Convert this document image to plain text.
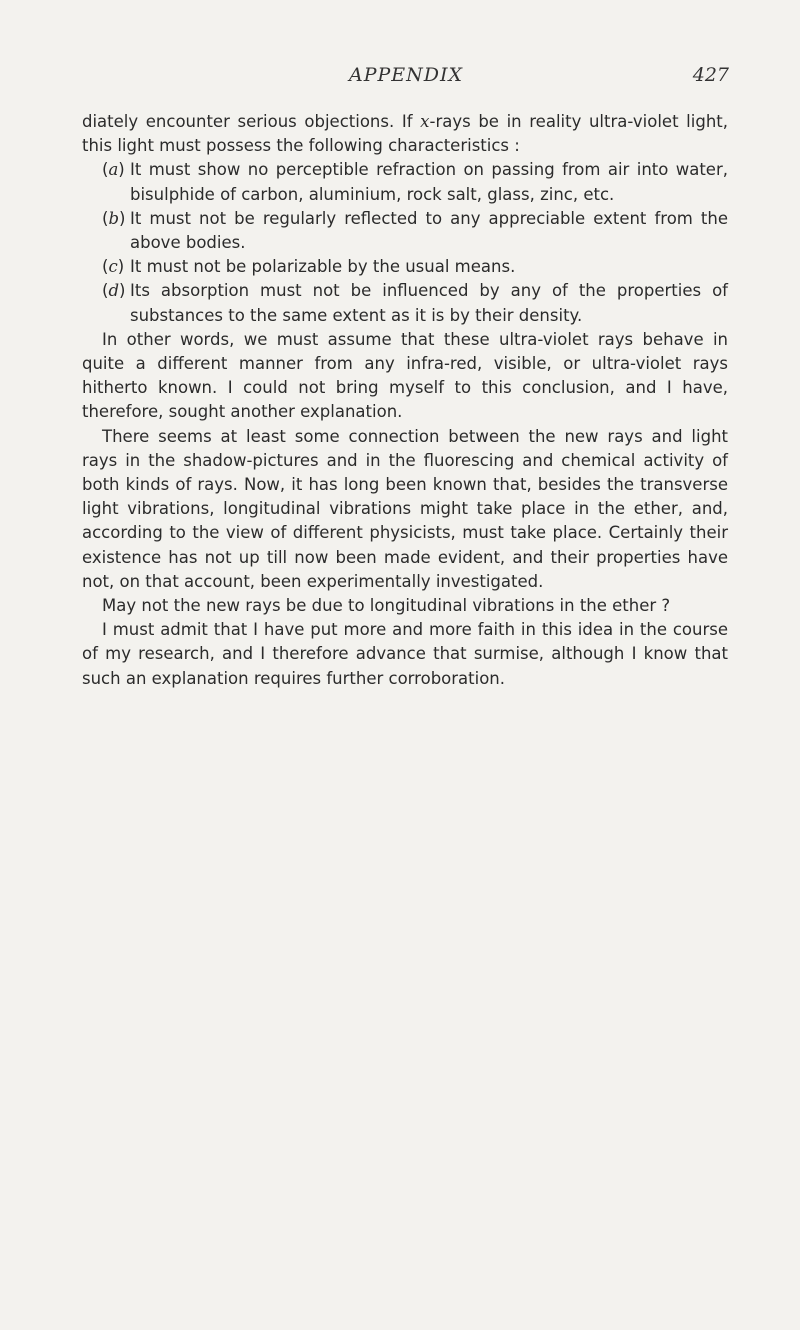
APPENDIX	427

diately encounter serious objections. If x-rays be in reality ultra-violet light, this light must possess the following characteristics :

(a) It must show no perceptible refraction on passing from air into water, bisulphide of carbon, aluminium, rock salt, glass, zinc, etc.
(b) It must not be regularly reflected to any appreciable extent from the above bodies.
(c) It must not be polarizable by the usual means.
(d) Its absorption must not be influenced by any of the properties of substances to the same extent as it is by their density.

In other words, we must assume that these ultra-violet rays behave in quite a different manner from any infra-red, visible, or ultra-violet rays hitherto known. I could not bring myself to this conclusion, and I have, therefore, sought another explanation.

There seems at least some connection between the new rays and light rays in the shadow-pictures and in the fluorescing and chemical activity of both kinds of rays. Now, it has long been known that, besides the transverse light vibrations, longitudinal vibrations might take place in the ether, and, according to the view of different physicists, must take place. Certainly their existence has not up till now been made evident, and their properties have not, on that account, been experimentally investigated.

May not the new rays be due to longitudinal vibrations in the ether ?

I must admit that I have put more and more faith in this idea in the course of my research, and I therefore advance that surmise, although I know that such an explanation requires further corroboration.
